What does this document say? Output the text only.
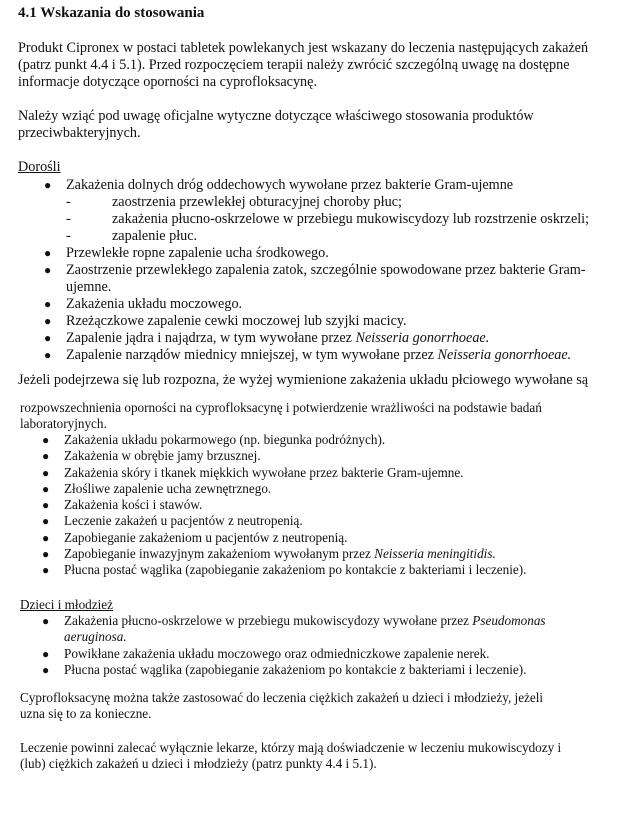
4.1 Wskazania do stosowania
Produkt Cipronex w postaci tabletek powlekanych jest wskazany do leczenia następujących zakażeń
(patrz punkt 4.4 i 5.1). Przed rozpoczęciem terapii należy zwrócić szczególną uwagę na dostępne
informacje dotyczące oporności na cyprofloksacynę.
Należy wziąć pod uwagę oficjalne wytyczne dotyczące właściwego stosowania produktów
przeciwbakteryjnych.
Dorośli
● Zakażenia dolnych dróg oddechowych wywołane przez bakterie Gram-ujemne
-	zaostrzenia przewlekłej obturacyjnej choroby płuc;
-	zakażenia płucno-oskrzelowe w przebiegu mukowiscydozy lub rozstrzenie oskrzeli;
-	zapalenie płuc.
● Przewlekłe ropne zapalenie ucha środkowego.
● Zaostrzenie przewlekłego zapalenia zatok, szczególnie spowodowane przez bakterie Gram-
ujemne.
● Zakażenia układu moczowego.
● Rzeżączkowe zapalenie cewki moczowej lub szyjki macicy.
● Zapalenie jądra i najądrza, w tym wywołane przez Neisseria gonorrhoeae.
● Zapalenie narządów miednicy mniejszej, w tym wywołane przez Neisseria gonorrhoeae.
Jeżeli podejrzewa się lub rozpozna, że wyżej wymienione zakażenia układu płciowego wywołane są
rozpowszechnienia oporności na cyprofloksacynę i potwierdzenie wrażliwości na podstawie badań
laboratoryjnych.
● Zakażenia układu pokarmowego (np. biegunka podróżnych).
● Zakażenia w obrębie jamy brzusznej.
● Zakażenia skóry i tkanek miękkich wywołane przez bakterie Gram-ujemne.
● Złośliwe zapalenie ucha zewnętrznego.
● Zakażenia kości i stawów.
● Leczenie zakażeń u pacjentów z neutropenią.
● Zapobieganie zakażeniom u pacjentów z neutropenią.
● Zapobieganie inwazyjnym zakażeniom wywołanym przez Neisseria meningitidis.
● Płucna postać wąglika (zapobieganie zakażeniom po kontakcie z bakteriami i leczenie).
Dzieci i młodzież
● Zakażenia płucno-oskrzelowe w przebiegu mukowiscydozy wywołane przez Pseudomonas
aeruginosa.
● Powikłane zakażenia układu moczowego oraz odmiedniczkowe zapalenie nerek.
● Płucna postać wąglika (zapobieganie zakażeniom po kontakcie z bakteriami i leczenie).
Cyprofloksacynę można także zastosować do leczenia ciężkich zakażeń u dzieci i młodzieży, jeżeli
uzna się to za konieczne.
Leczenie powinni zalecać wyłącznie lekarze, którzy mają doświadczenie w leczeniu mukowiscydozy i
(lub) ciężkich zakażeń u dzieci i młodzieży (patrz punkty 4.4 i 5.1).
